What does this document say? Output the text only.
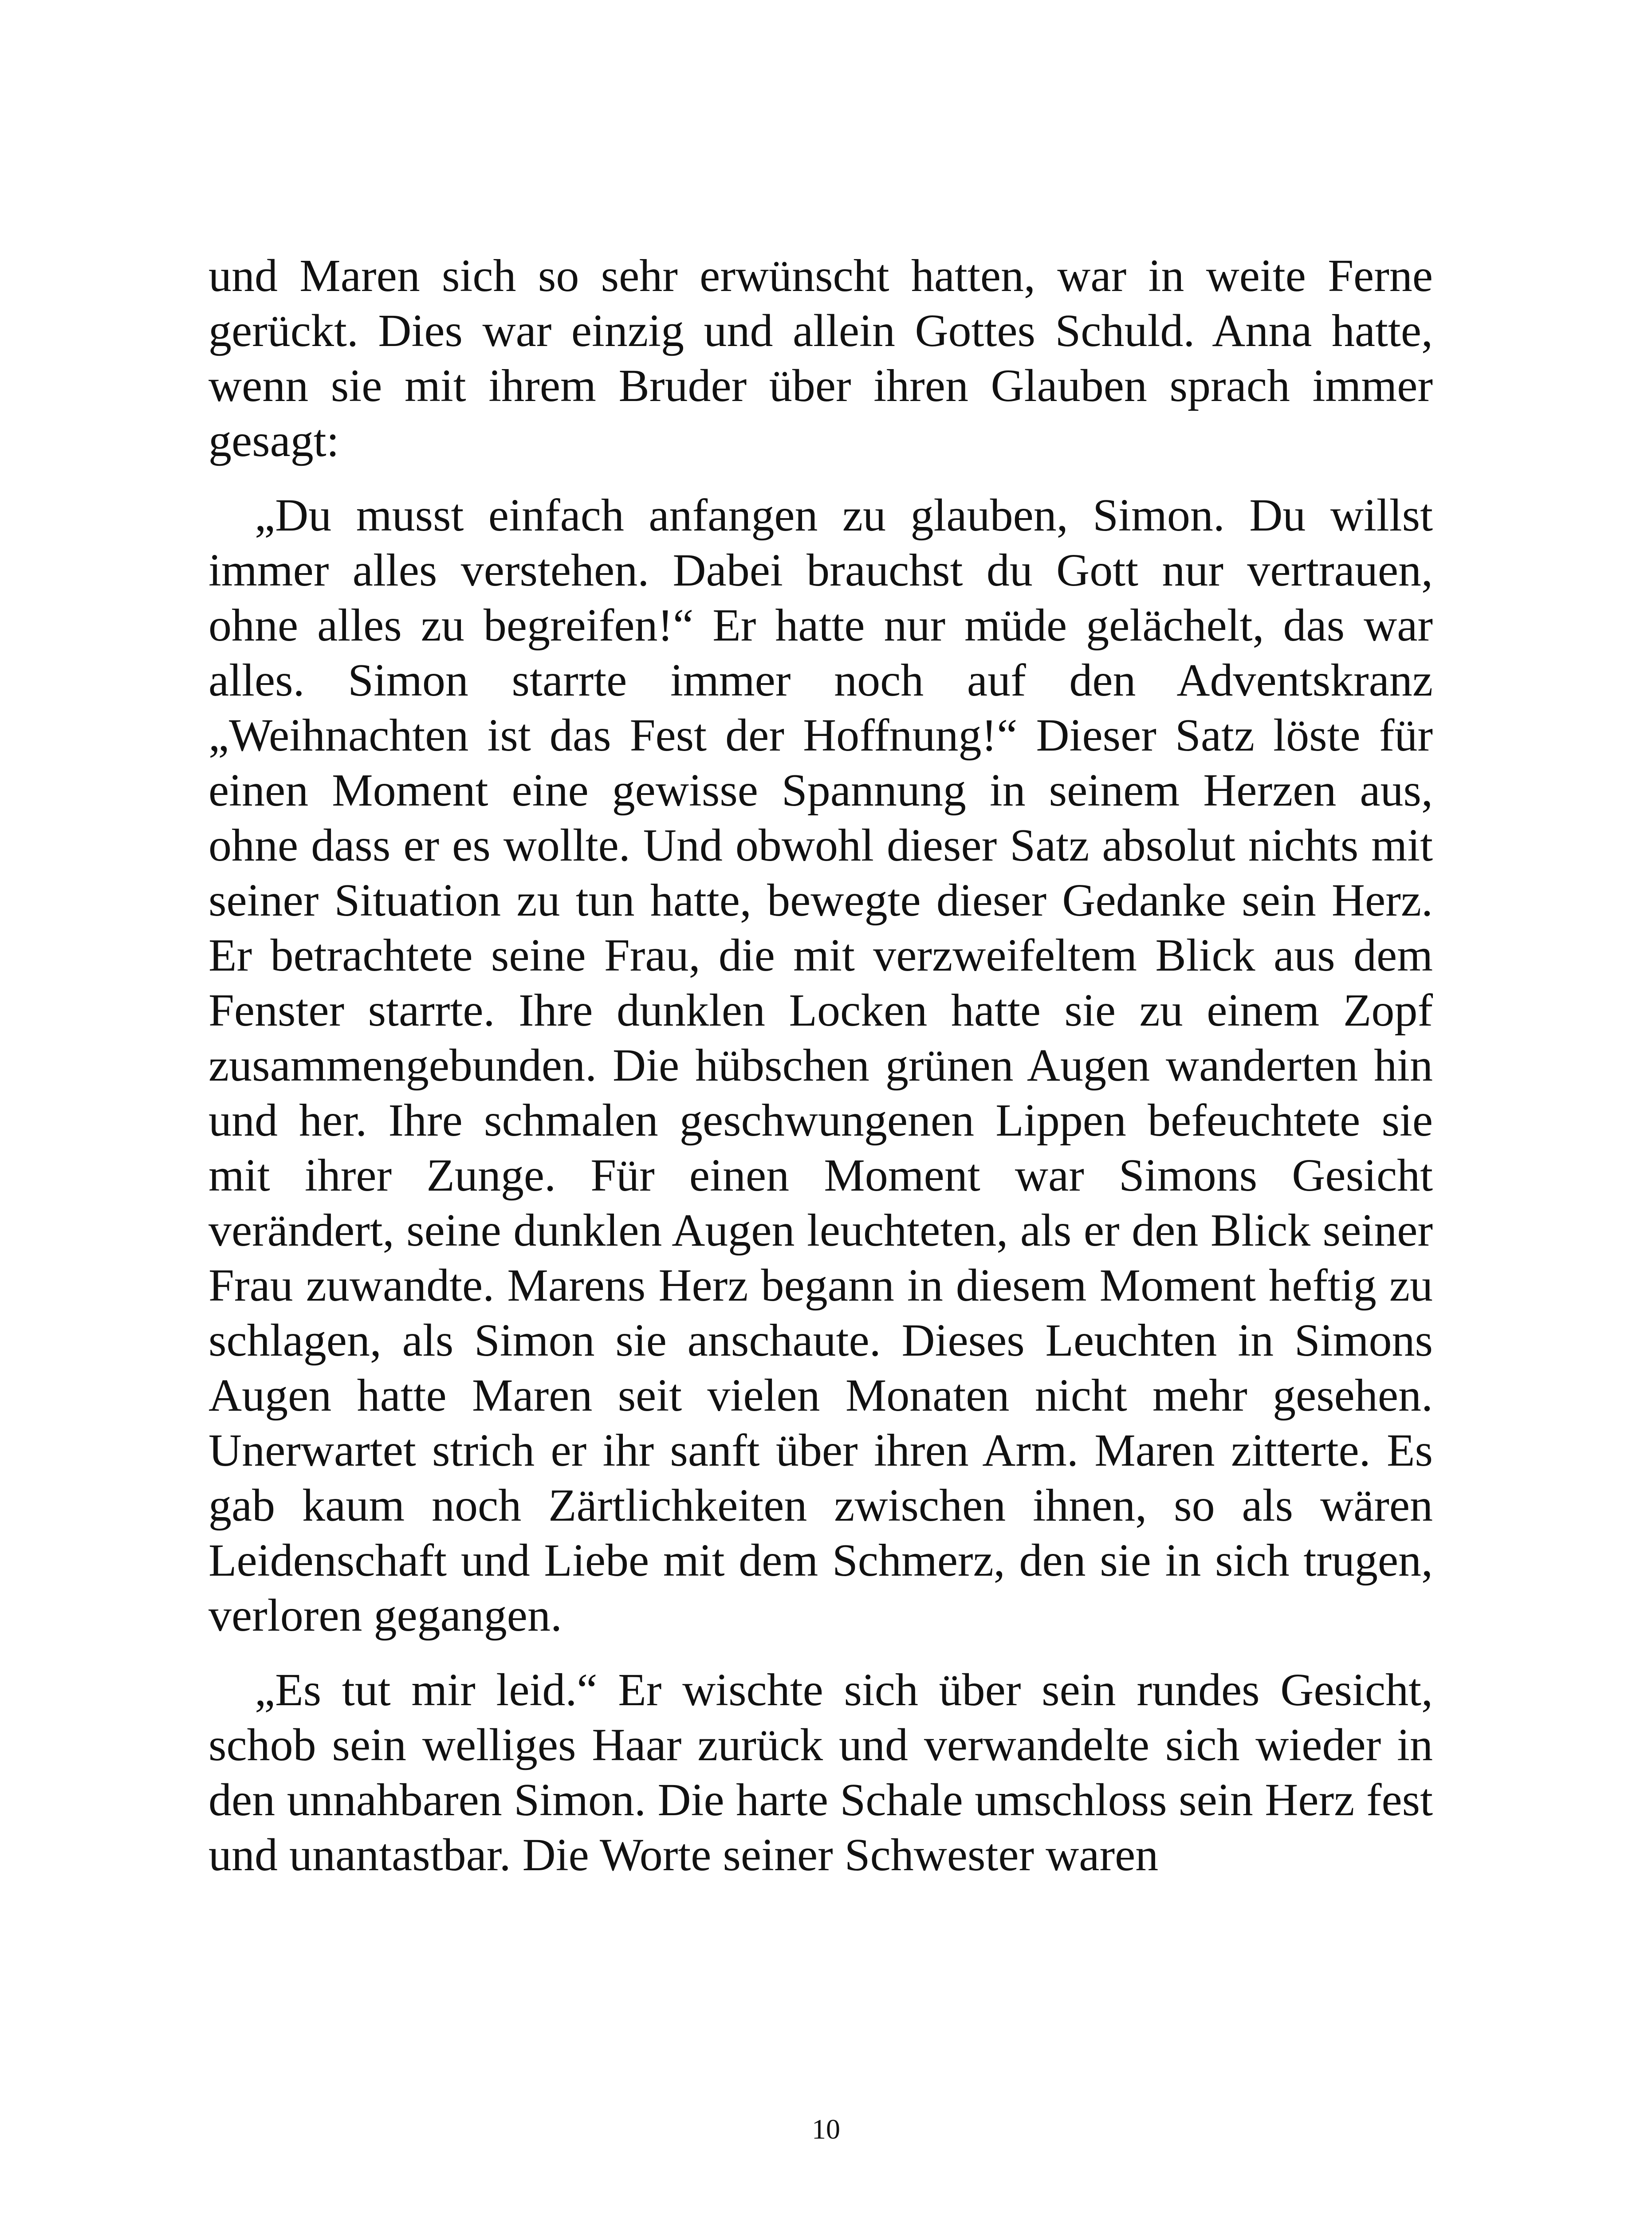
und Maren sich so sehr erwünscht hatten, war in weite Ferne gerückt. Dies war einzig und allein Gottes Schuld. Anna hatte, wenn sie mit ihrem Bruder über ihren Glauben sprach immer gesagt:

„Du musst einfach anfangen zu glauben, Simon. Du willst immer alles verstehen. Dabei brauchst du Gott nur vertrauen, ohne alles zu begreifen!“ Er hatte nur müde gelächelt, das war alles. Simon starrte immer noch auf den Adventskranz „Weihnachten ist das Fest der Hoffnung!“ Dieser Satz löste für einen Moment eine gewisse Spannung in seinem Herzen aus, ohne dass er es wollte. Und obwohl dieser Satz absolut nichts mit seiner Situation zu tun hatte, bewegte dieser Gedanke sein Herz. Er betrachtete seine Frau, die mit verzweifeltem Blick aus dem Fenster starrte. Ihre dunklen Locken hatte sie zu einem Zopf zusammengebunden. Die hübschen grünen Augen wanderten hin und her. Ihre schmalen geschwungenen Lippen befeuchtete sie mit ihrer Zunge. Für einen Moment war Simons Gesicht verändert, seine dunklen Augen leuchteten, als er den Blick seiner Frau zuwandte. Marens Herz begann in diesem Moment heftig zu schlagen, als Simon sie anschaute. Dieses Leuchten in Simons Augen hatte Maren seit vielen Monaten nicht mehr gesehen. Unerwartet strich er ihr sanft über ihren Arm. Maren zitterte. Es gab kaum noch Zärtlichkeiten zwischen ihnen, so als wären Leidenschaft und Liebe mit dem Schmerz, den sie in sich trugen, verloren gegangen.

„Es tut mir leid.“ Er wischte sich über sein rundes Gesicht, schob sein welliges Haar zurück und verwandelte sich wieder in den unnahbaren Simon. Die harte Schale umschloss sein Herz fest und unantastbar. Die Worte seiner Schwester waren

10
